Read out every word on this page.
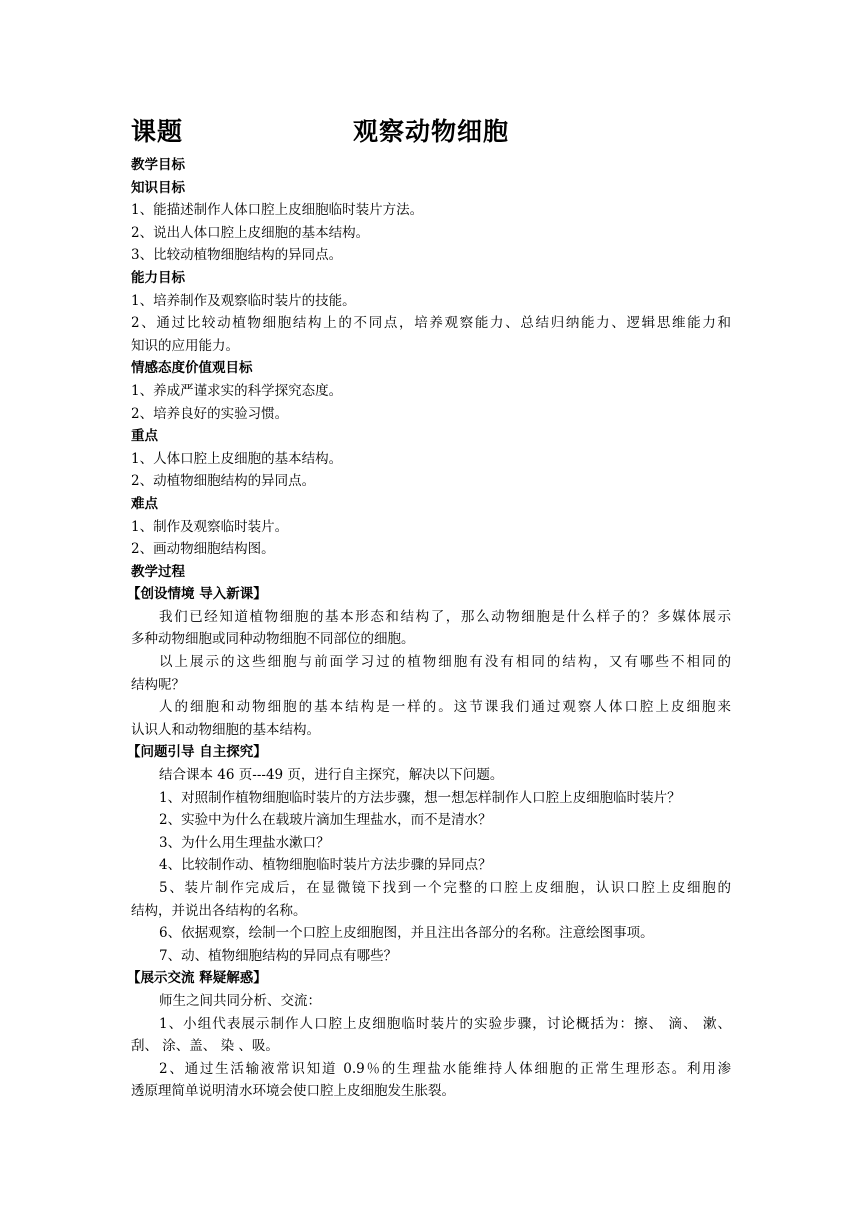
课题	观察动物细胞
教学目标
知识目标
1、能描述制作人体口腔上皮细胞临时装片方法。
2、说出人体口腔上皮细胞的基本结构。
3、比较动植物细胞结构的异同点。
能力目标
1、培养制作及观察临时装片的技能。
2、通过比较动植物细胞结构上的不同点，培养观察能力、总结归纳能力、逻辑思维能力和
知识的应用能力。
情感态度价值观目标
1、养成严谨求实的科学探究态度。
2、培养良好的实验习惯。
重点
1、人体口腔上皮细胞的基本结构。
2、动植物细胞结构的异同点。
难点
1、制作及观察临时装片。
2、画动物细胞结构图。
教学过程
【创设情境 导入新课】
我们已经知道植物细胞的基本形态和结构了，那么动物细胞是什么样子的？多媒体展示
多种动物细胞或同种动物细胞不同部位的细胞。
以上展示的这些细胞与前面学习过的植物细胞有没有相同的结构，又有哪些不相同的
结构呢？
人的细胞和动物细胞的基本结构是一样的。这节课我们通过观察人体口腔上皮细胞来
认识人和动物细胞的基本结构。
【问题引导 自主探究】
结合课本 46 页---49 页，进行自主探究，解决以下问题。
1、对照制作植物细胞临时装片的方法步骤，想一想怎样制作人口腔上皮细胞临时装片？
2、实验中为什么在载玻片滴加生理盐水，而不是清水？
3、为什么用生理盐水漱口？
4、比较制作动、植物细胞临时装片方法步骤的异同点？
5、装片制作完成后，在显微镜下找到一个完整的口腔上皮细胞，认识口腔上皮细胞的
结构，并说出各结构的名称。
6、依据观察，绘制一个口腔上皮细胞图，并且注出各部分的名称。注意绘图事项。
7、动、植物细胞结构的异同点有哪些？
【展示交流 释疑解惑】
师生之间共同分析、交流：
1、小组代表展示制作人口腔上皮细胞临时装片的实验步骤，讨论概括为：擦、 滴、 漱、
刮、 涂、盖、 染 、吸。
2、通过生活输液常识知道 0.9％的生理盐水能维持人体细胞的正常生理形态。利用渗
透原理简单说明清水环境会使口腔上皮细胞发生胀裂。
